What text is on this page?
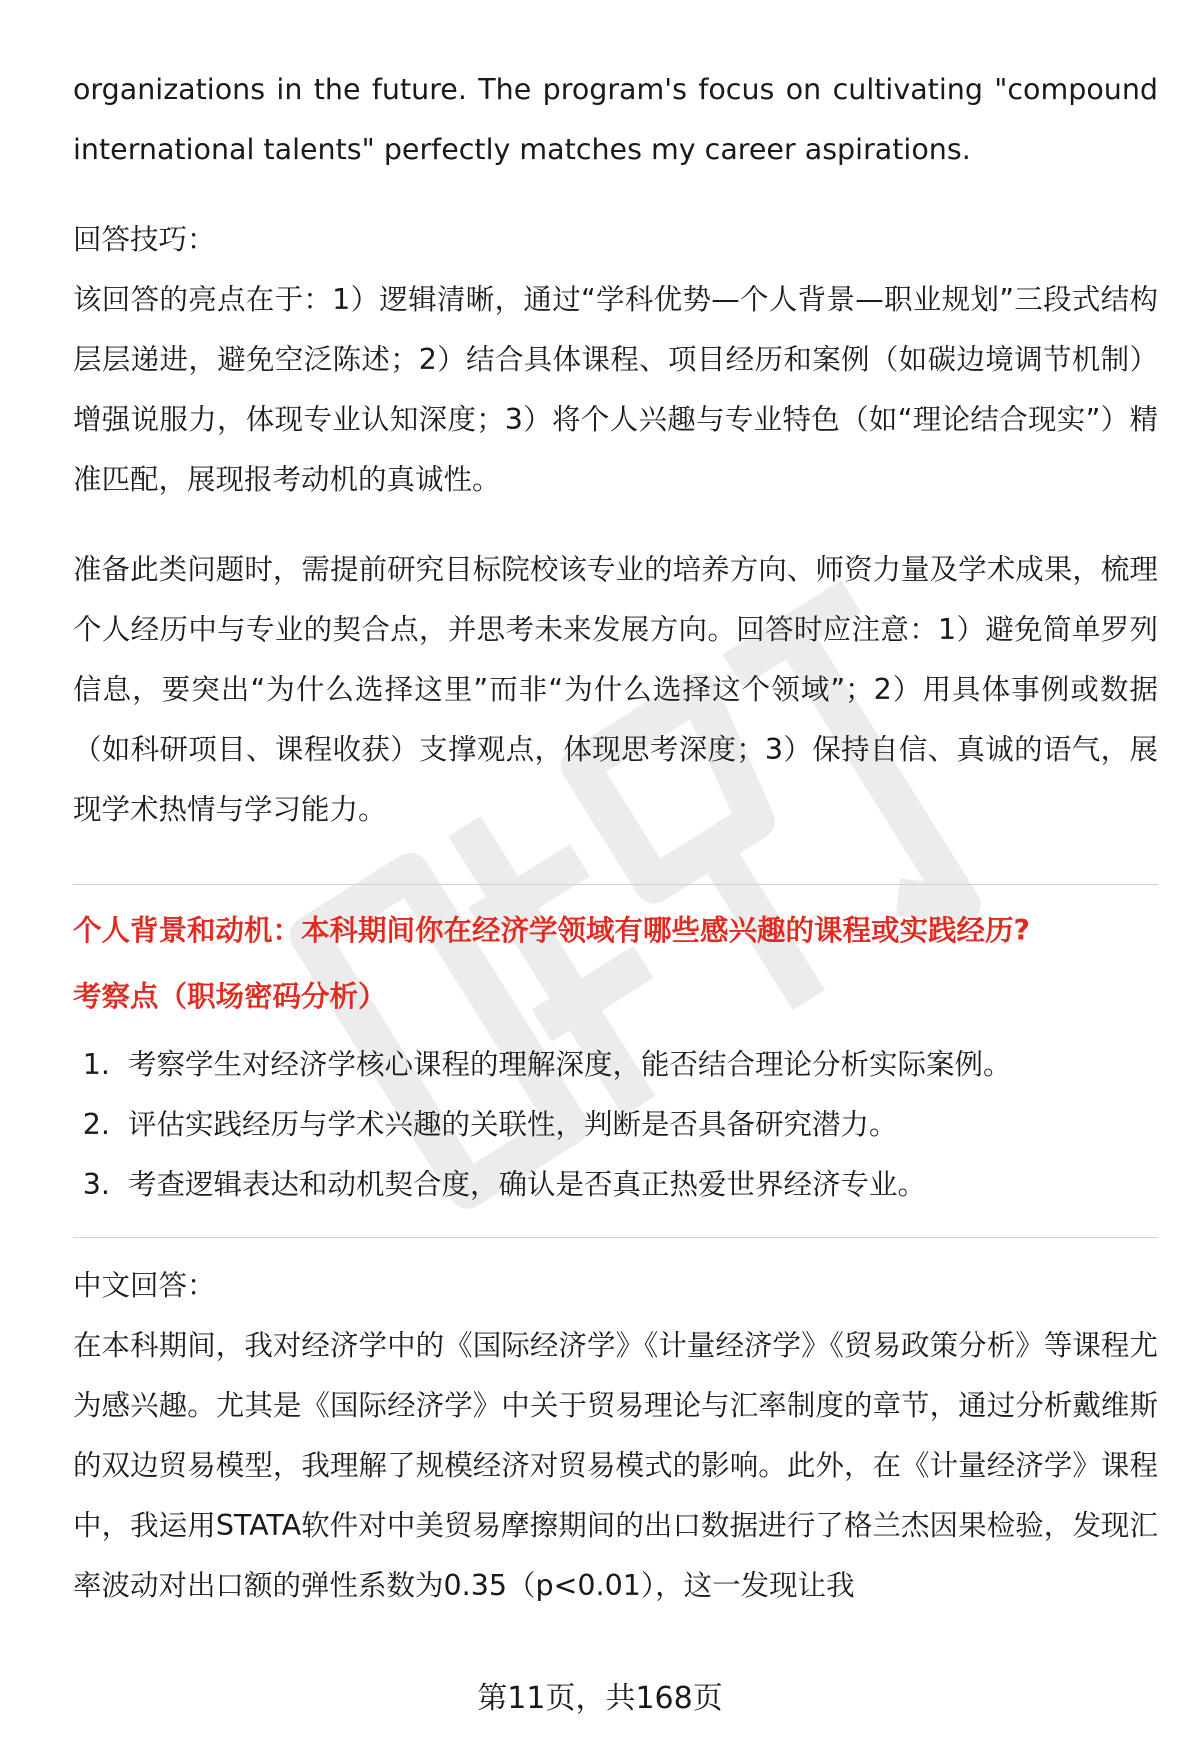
organizations in the future. The program's focus on cultivating "compound international talents" perfectly matches my career aspirations.

回答技巧：

该回答的亮点在于：1）逻辑清晰，通过“学科优势—个人背景—职业规划”三段式结构层层递进，避免空泛陈述；2）结合具体课程、项目经历和案例（如碳边境调节机制）增强说服力，体现专业认知深度；3）将个人兴趣与专业特色（如“理论结合现实”）精准匹配，展现报考动机的真诚性。

准备此类问题时，需提前研究目标院校该专业的培养方向、师资力量及学术成果，梳理个人经历中与专业的契合点，并思考未来发展方向。回答时应注意：1）避免简单罗列信息，要突出“为什么选择这里”而非“为什么选择这个领域”；2）用具体事例或数据（如科研项目、课程收获）支撑观点，体现思考深度；3）保持自信、真诚的语气，展现学术热情与学习能力。

个人背景和动机：本科期间你在经济学领域有哪些感兴趣的课程或实践经历?

考察点（职场密码分析）

1. 考察学生对经济学核心课程的理解深度，能否结合理论分析实际案例。
2. 评估实践经历与学术兴趣的关联性，判断是否具备研究潜力。
3. 考查逻辑表达和动机契合度，确认是否真正热爱世界经济专业。

中文回答：

在本科期间，我对经济学中的《国际经济学》《计量经济学》《贸易政策分析》等课程尤为感兴趣。尤其是《国际经济学》中关于贸易理论与汇率制度的章节，通过分析戴维斯的双边贸易模型，我理解了规模经济对贸易模式的影响。此外，在《计量经济学》课程中，我运用STATA软件对中美贸易摩擦期间的出口数据进行了格兰杰因果检验，发现汇率波动对出口额的弹性系数为0.35（p<0.01），这一发现让我

第11页，共168页
